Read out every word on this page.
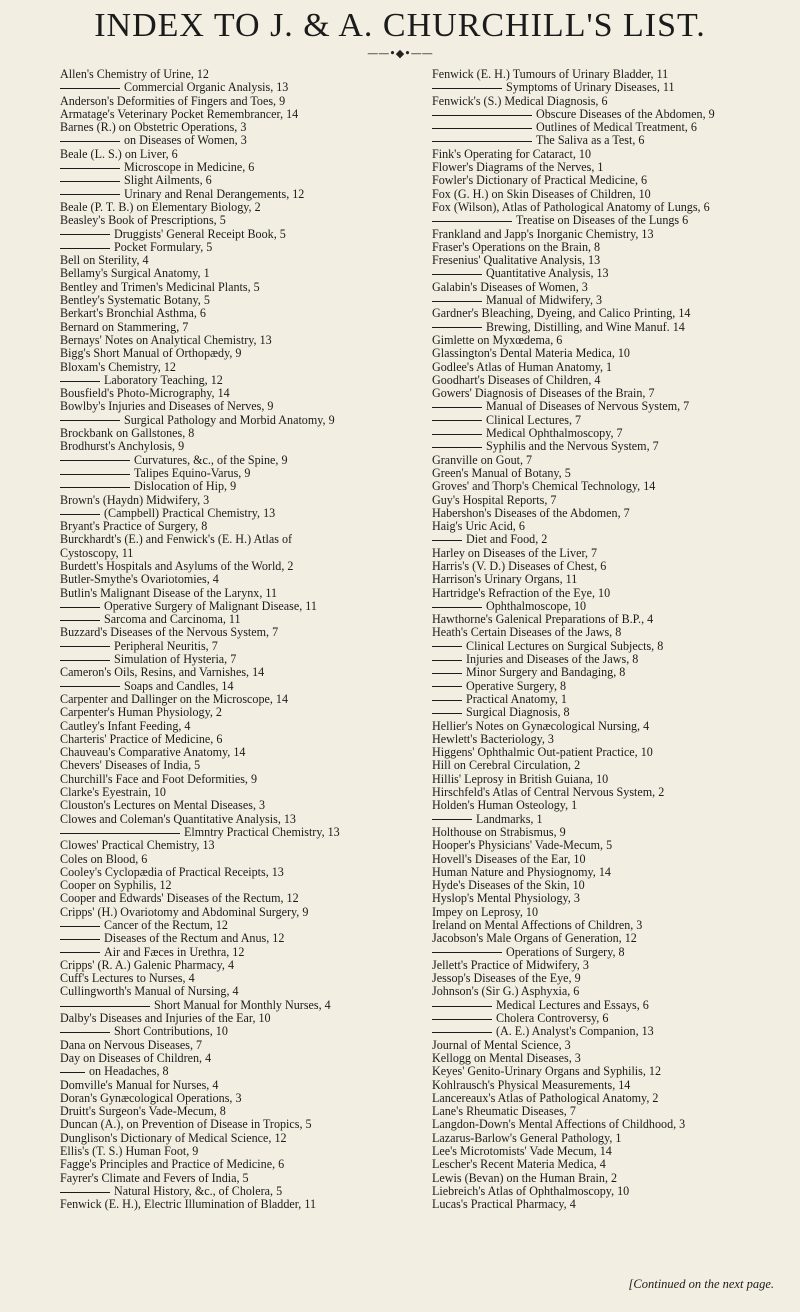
INDEX TO J. & A. CHURCHILL'S LIST.
——•◆•——
Allen's Chemistry of Urine, 12
Commercial Organic Analysis, 13
Anderson's Deformities of Fingers and Toes, 9
Armatage's Veterinary Pocket Remembrancer, 14
Barnes (R.) on Obstetric Operations, 3
on Diseases of Women, 3
Beale (L. S.) on Liver, 6
Microscope in Medicine, 6
Slight Ailments, 6
Urinary and Renal Derangements, 12
Beale (P. T. B.) on Elementary Biology, 2
Beasley's Book of Prescriptions, 5
Druggists' General Receipt Book, 5
Pocket Formulary, 5
Bell on Sterility, 4
Bellamy's Surgical Anatomy, 1
Bentley and Trimen's Medicinal Plants, 5
Bentley's Systematic Botany, 5
Berkart's Bronchial Asthma, 6
Bernard on Stammering, 7
Bernays' Notes on Analytical Chemistry, 13
Bigg's Short Manual of Orthopædy, 9
Bloxam's Chemistry, 12
Laboratory Teaching, 12
Bousfield's Photo-Micrography, 14
Bowlby's Injuries and Diseases of Nerves, 9
Surgical Pathology and Morbid Anatomy, 9
Brockbank on Gallstones, 8
Brodhurst's Anchylosis, 9
Curvatures, &c., of the Spine, 9
Talipes Equino-Varus, 9
Dislocation of Hip, 9
Brown's (Haydn) Midwifery, 3
(Campbell) Practical Chemistry, 13
Bryant's Practice of Surgery, 8
Burckhardt's (E.) and Fenwick's (E. H.) Atlas of
Cystoscopy, 11
Burdett's Hospitals and Asylums of the World, 2
Butler-Smythe's Ovariotomies, 4
Butlin's Malignant Disease of the Larynx, 11
Operative Surgery of Malignant Disease, 11
Sarcoma and Carcinoma, 11
Buzzard's Diseases of the Nervous System, 7
Peripheral Neuritis, 7
Simulation of Hysteria, 7
Cameron's Oils, Resins, and Varnishes, 14
Soaps and Candles, 14
Carpenter and Dallinger on the Microscope, 14
Carpenter's Human Physiology, 2
Cautley's Infant Feeding, 4
Charteris' Practice of Medicine, 6
Chauveau's Comparative Anatomy, 14
Chevers' Diseases of India, 5
Churchill's Face and Foot Deformities, 9
Clarke's Eyestrain, 10
Clouston's Lectures on Mental Diseases, 3
Clowes and Coleman's Quantitative Analysis, 13
Elmntry Practical Chemistry, 13
Clowes' Practical Chemistry, 13
Coles on Blood, 6
Cooley's Cyclopædia of Practical Receipts, 13
Cooper on Syphilis, 12
Cooper and Edwards' Diseases of the Rectum, 12
Cripps' (H.) Ovariotomy and Abdominal Surgery, 9
Cancer of the Rectum, 12
Diseases of the Rectum and Anus, 12
Air and Fæces in Urethra, 12
Cripps' (R. A.) Galenic Pharmacy, 4
Cuff's Lectures to Nurses, 4
Cullingworth's Manual of Nursing, 4
Short Manual for Monthly Nurses, 4
Dalby's Diseases and Injuries of the Ear, 10
Short Contributions, 10
Dana on Nervous Diseases, 7
Day on Diseases of Children, 4
on Headaches, 8
Domville's Manual for Nurses, 4
Doran's Gynæcological Operations, 3
Druitt's Surgeon's Vade-Mecum, 8
Duncan (A.), on Prevention of Disease in Tropics, 5
Dunglison's Dictionary of Medical Science, 12
Ellis's (T. S.) Human Foot, 9
Fagge's Principles and Practice of Medicine, 6
Fayrer's Climate and Fevers of India, 5
Natural History, &c., of Cholera, 5
Fenwick (E. H.), Electric Illumination of Bladder, 11
Fenwick (E. H.) Tumours of Urinary Bladder, 11
Symptoms of Urinary Diseases, 11
Fenwick's (S.) Medical Diagnosis, 6
Obscure Diseases of the Abdomen, 9
Outlines of Medical Treatment, 6
The Saliva as a Test, 6
Fink's Operating for Cataract, 10
Flower's Diagrams of the Nerves, 1
Fowler's Dictionary of Practical Medicine, 6
Fox (G. H.) on Skin Diseases of Children, 10
Fox (Wilson), Atlas of Pathological Anatomy of Lungs, 6
Treatise on Diseases of the Lungs 6
Frankland and Japp's Inorganic Chemistry, 13
Fraser's Operations on the Brain, 8
Fresenius' Qualitative Analysis, 13
Quantitative Analysis, 13
Galabin's Diseases of Women, 3
Manual of Midwifery, 3
Gardner's Bleaching, Dyeing, and Calico Printing, 14
Brewing, Distilling, and Wine Manuf. 14
Gimlette on Myxœdema, 6
Glassington's Dental Materia Medica, 10
Godlee's Atlas of Human Anatomy, 1
Goodhart's Diseases of Children, 4
Gowers' Diagnosis of Diseases of the Brain, 7
Manual of Diseases of Nervous System, 7
Clinical Lectures, 7
Medical Ophthalmoscopy, 7
Syphilis and the Nervous System, 7
Granville on Gout, 7
Green's Manual of Botany, 5
Groves' and Thorp's Chemical Technology, 14
Guy's Hospital Reports, 7
Habershon's Diseases of the Abdomen, 7
Haig's Uric Acid, 6
Diet and Food, 2
Harley on Diseases of the Liver, 7
Harris's (V. D.) Diseases of Chest, 6
Harrison's Urinary Organs, 11
Hartridge's Refraction of the Eye, 10
Ophthalmoscope, 10
Hawthorne's Galenical Preparations of B.P., 4
Heath's Certain Diseases of the Jaws, 8
Clinical Lectures on Surgical Subjects, 8
Injuries and Diseases of the Jaws, 8
Minor Surgery and Bandaging, 8
Operative Surgery, 8
Practical Anatomy, 1
Surgical Diagnosis, 8
Hellier's Notes on Gynæcological Nursing, 4
Hewlett's Bacteriology, 3
Higgens' Ophthalmic Out-patient Practice, 10
Hill on Cerebral Circulation, 2
Hillis' Leprosy in British Guiana, 10
Hirschfeld's Atlas of Central Nervous System, 2
Holden's Human Osteology, 1
Landmarks, 1
Holthouse on Strabismus, 9
Hooper's Physicians' Vade-Mecum, 5
Hovell's Diseases of the Ear, 10
Human Nature and Physiognomy, 14
Hyde's Diseases of the Skin, 10
Hyslop's Mental Physiology, 3
Impey on Leprosy, 10
Ireland on Mental Affections of Children, 3
Jacobson's Male Organs of Generation, 12
Operations of Surgery, 8
Jellett's Practice of Midwifery, 3
Jessop's Diseases of the Eye, 9
Johnson's (Sir G.) Asphyxia, 6
Medical Lectures and Essays, 6
Cholera Controversy, 6
(A. E.) Analyst's Companion, 13
Journal of Mental Science, 3
Kellogg on Mental Diseases, 3
Keyes' Genito-Urinary Organs and Syphilis, 12
Kohlrausch's Physical Measurements, 14
Lancereaux's Atlas of Pathological Anatomy, 2
Lane's Rheumatic Diseases, 7
Langdon-Down's Mental Affections of Childhood, 3
Lazarus-Barlow's General Pathology, 1
Lee's Microtomists' Vade Mecum, 14
Lescher's Recent Materia Medica, 4
Lewis (Bevan) on the Human Brain, 2
Liebreich's Atlas of Ophthalmoscopy, 10
Lucas's Practical Pharmacy, 4
[Continued on the next page.
